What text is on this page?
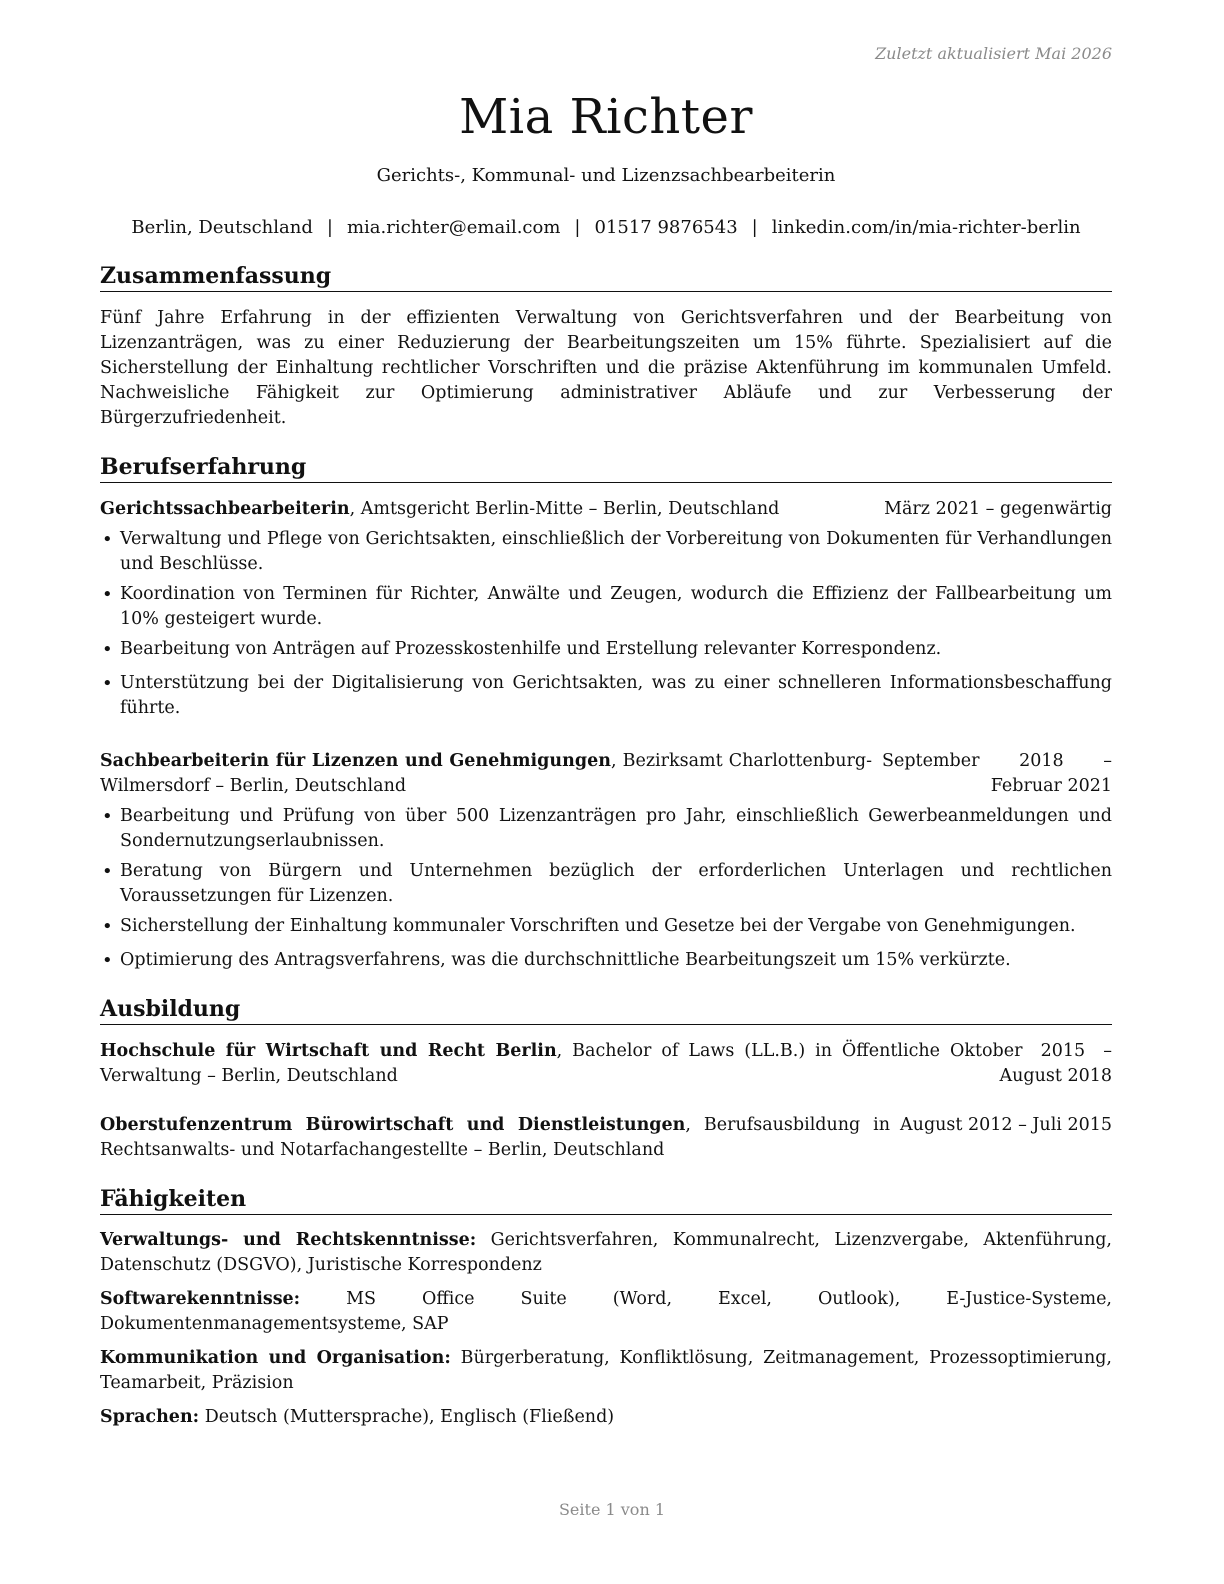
Zuletzt aktualisiert Mai 2026
Mia Richter
Gerichts-, Kommunal- und Lizenzsachbearbeiterin
Berlin, Deutschland | mia.richter@email.com | 01517 9876543 | linkedin.com/in/mia-richter-berlin
Zusammenfassung

Fünf Jahre Erfahrung in der effizienten Verwaltung von Gerichtsverfahren und der Bearbeitung von Lizenzanträgen, was zu einer Reduzierung der Bearbeitungszeiten um 15% führte. Spezialisiert auf die Sicherstellung der Einhaltung rechtlicher Vorschriften und die präzise Aktenführung im kommunalen Umfeld. Nachweisliche Fähigkeit zur Optimierung administrativer Abläufe und zur Verbesserung der Bürgerzufriedenheit.

Berufserfahrung
Gerichtssachbearbeiterin, Amtsgericht Berlin-Mitte – Berlin, Deutschland	März 2021 – gegenwärtig
• Verwaltung und Pflege von Gerichtsakten, einschließlich der Vorbereitung von Dokumenten für Verhandlungen und Beschlüsse.
• Koordination von Terminen für Richter, Anwälte und Zeugen, wodurch die Effizienz der Fallbearbeitung um 10% gesteigert wurde.
• Bearbeitung von Anträgen auf Prozesskostenhilfe und Erstellung relevanter Korrespondenz.
• Unterstützung bei der Digitalisierung von Gerichtsakten, was zu einer schnelleren Informationsbeschaffung führte.
Sachbearbeiterin für Lizenzen und Genehmigungen, Bezirksamt Charlottenburg-Wilmersdorf – Berlin, Deutschland
September 2018 – Februar 2021
• Bearbeitung und Prüfung von über 500 Lizenzanträgen pro Jahr, einschließlich Gewerbeanmeldungen und Sondernutzungserlaubnissen.
• Beratung von Bürgern und Unternehmen bezüglich der erforderlichen Unterlagen und rechtlichen Voraussetzungen für Lizenzen.
• Sicherstellung der Einhaltung kommunaler Vorschriften und Gesetze bei der Vergabe von Genehmigungen.
• Optimierung des Antragsverfahrens, was die durchschnittliche Bearbeitungszeit um 15% verkürzte.
Ausbildung
Hochschule für Wirtschaft und Recht Berlin, Bachelor of Laws (LL.B.) in Öffentliche Verwaltung – Berlin, Deutschland
Oktober 2015 – August 2018
Oberstufenzentrum Bürowirtschaft und Dienstleistungen, Berufsausbildung in Rechtsanwalts- und Notarfachangestellte – Berlin, Deutschland
August 2012 – Juli 2015
Fähigkeiten
Verwaltungs- und Rechtskenntnisse: Gerichtsverfahren, Kommunalrecht, Lizenzvergabe, Aktenführung, Datenschutz (DSGVO), Juristische Korrespondenz
Softwarekenntnisse: MS Office Suite (Word, Excel, Outlook), E-Justice-Systeme, Dokumentenmanagementsysteme, SAP
Kommunikation und Organisation: Bürgerberatung, Konfliktlösung, Zeitmanagement, Prozessoptimierung, Teamarbeit, Präzision
Sprachen: Deutsch (Muttersprache), Englisch (Fließend)
Seite 1 von 1
